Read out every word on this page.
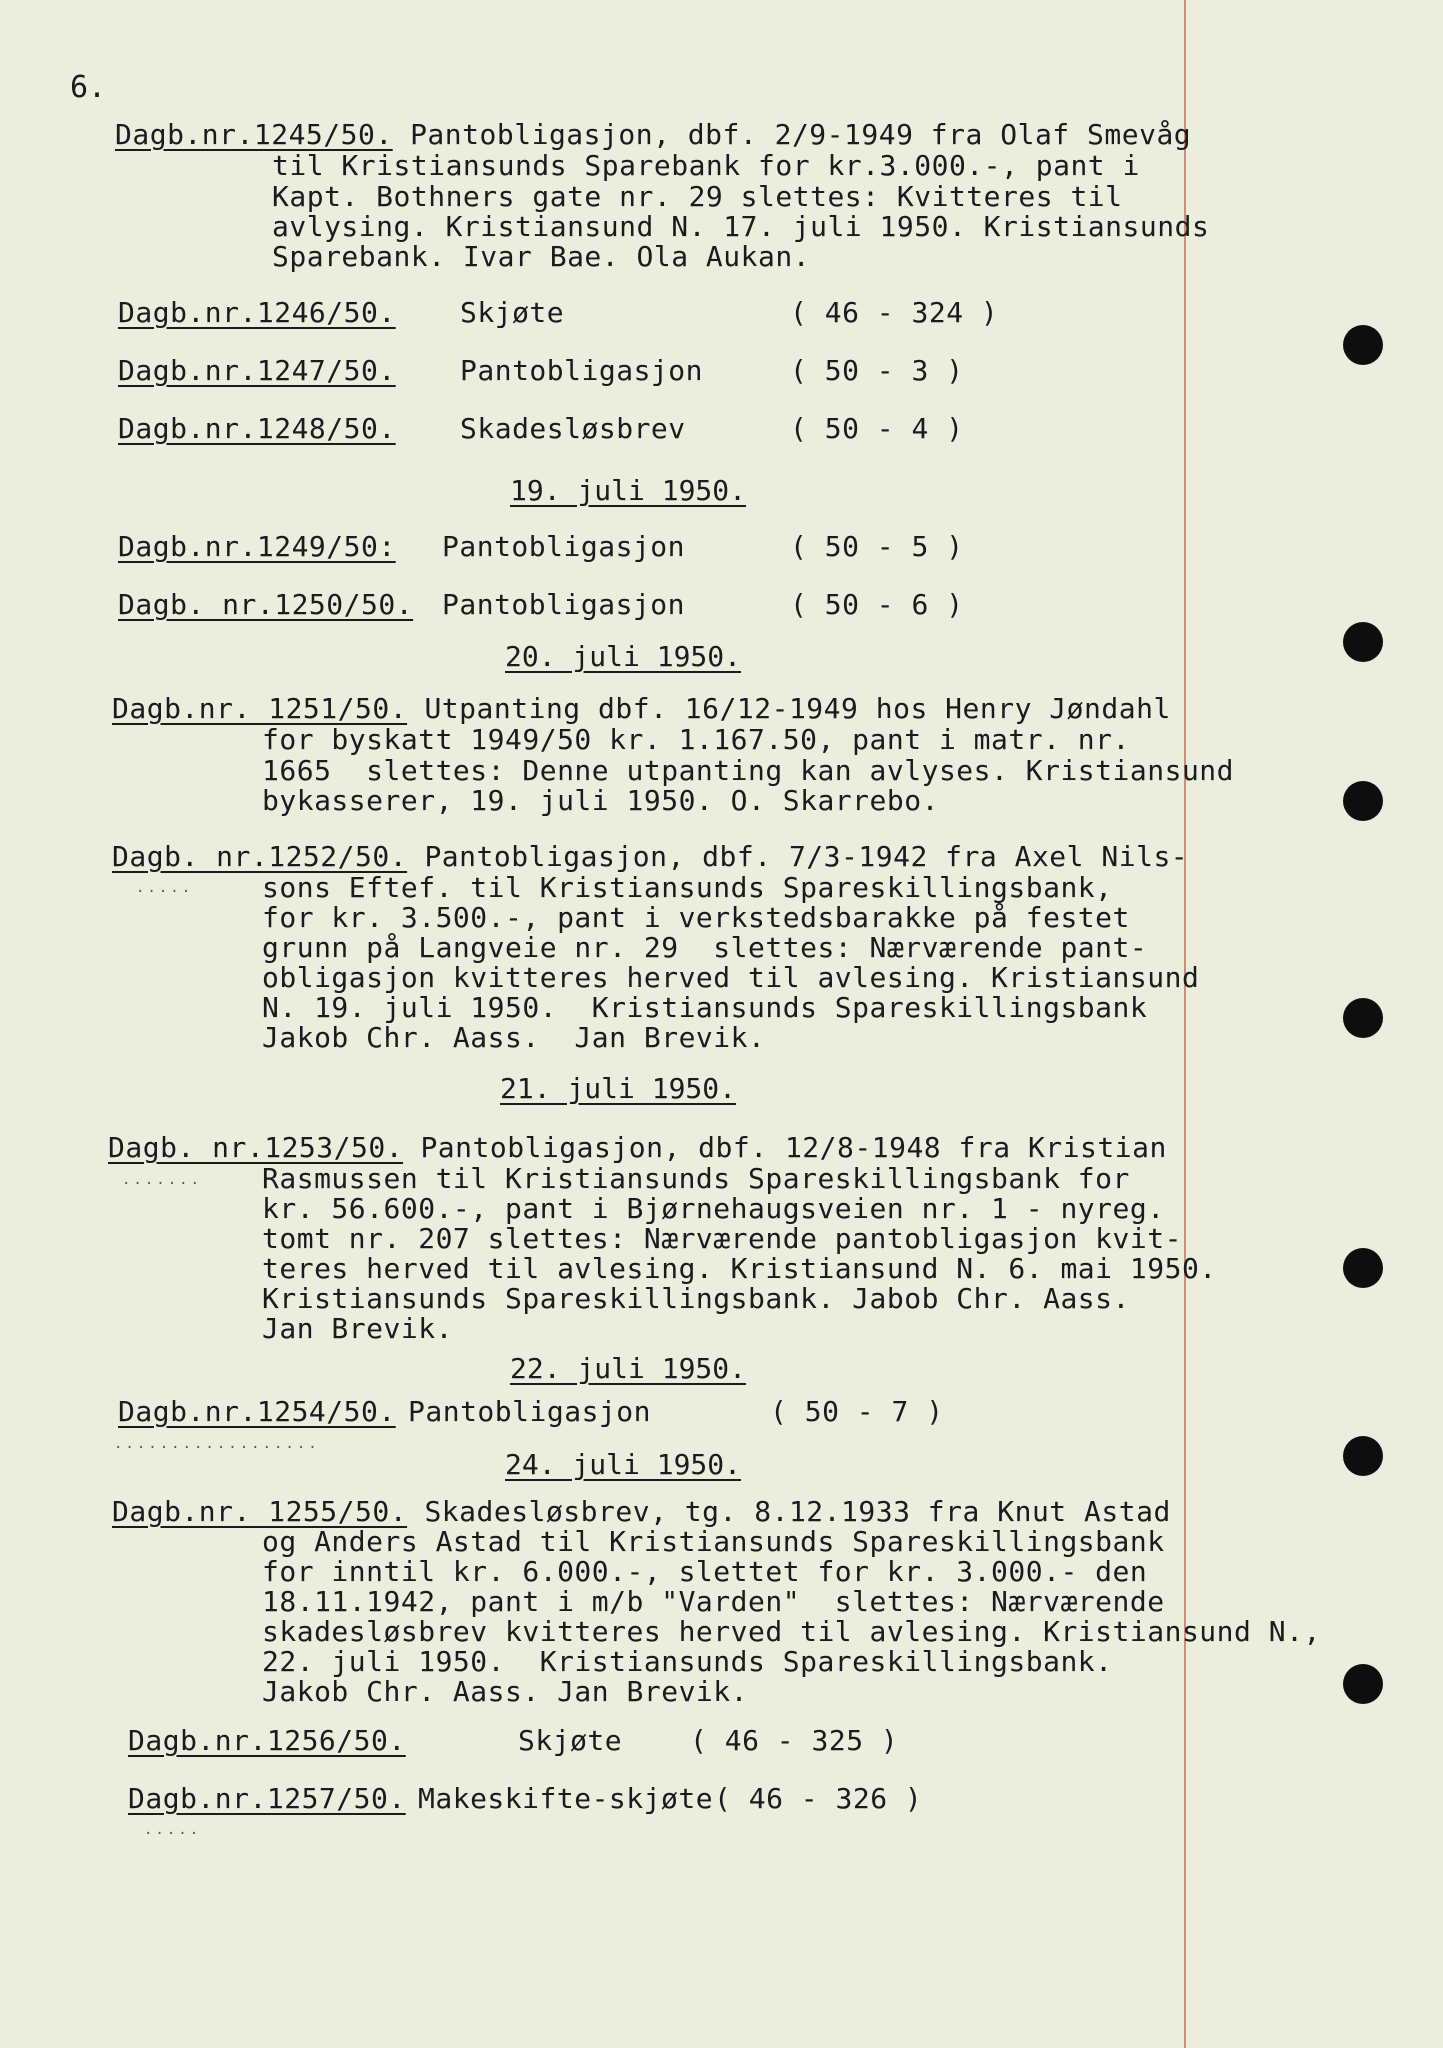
6.
Dagb.nr.1245/50. Pantobligasjon, dbf. 2/9-1949 fra Olaf Smevåg
til Kristiansunds Sparebank for kr.3.000.-, pant i
Kapt. Bothners gate nr. 29 slettes: Kvitteres til
avlysing. Kristiansund N. 17. juli 1950. Kristiansunds
Sparebank. Ivar Bae. Ola Aukan.
Dagb.nr.1246/50. Skjøte	( 46 - 324 )
Dagb.nr.1247/50. Pantobligasjon	( 50 - 3 )
Dagb.nr.1248/50. Skadesløsbrev	( 50 - 4 )
19. juli 1950.
Dagb.nr.1249/50: Pantobligasjon	( 50 - 5 )
Dagb. nr.1250/50. Pantobligasjon	( 50 - 6 )
20. juli 1950.
Dagb.nr. 1251/50. Utpanting dbf. 16/12-1949 hos Henry Jøndahl
for byskatt 1949/50 kr. 1.167.50, pant i matr. nr.
1665  slettes: Denne utpanting kan avlyses. Kristiansund
bykasserer, 19. juli 1950. O. Skarrebo.
Dagb. nr.1252/50. Pantobligasjon, dbf. 7/3-1942 fra Axel Nils-
..... sons Eftef. til Kristiansunds Spareskillingsbank,
for kr. 3.500.-, pant i verkstedsbarakke på festet
grunn på Langveie nr. 29  slettes: Nærværende pant-
obligasjon kvitteres herved til avlesing. Kristiansund
N. 19. juli 1950.  Kristiansunds Spareskillingsbank
Jakob Chr. Aass.  Jan Brevik.
21. juli 1950.
Dagb. nr.1253/50. Pantobligasjon, dbf. 12/8-1948 fra Kristian
....... Rasmussen til Kristiansunds Spareskillingsbank for
kr. 56.600.-, pant i Bjørnehaugsveien nr. 1 - nyreg.
tomt nr. 207 slettes: Nærværende pantobligasjon kvit-
teres herved til avlesing. Kristiansund N. 6. mai 1950.
Kristiansunds Spareskillingsbank. Jabob Chr. Aass.
Jan Brevik.
22. juli 1950.
Dagb.nr.1254/50. Pantobligasjon	( 50 - 7 )
..................
24. juli 1950.
Dagb.nr. 1255/50. Skadesløsbrev, tg. 8.12.1933 fra Knut Astad
og Anders Astad til Kristiansunds Spareskillingsbank
for inntil kr. 6.000.-, slettet for kr. 3.000.- den
18.11.1942, pant i m/b "Varden"  slettes: Nærværende
skadesløsbrev kvitteres herved til avlesing. Kristiansund N.,
22. juli 1950.  Kristiansunds Spareskillingsbank.
Jakob Chr. Aass. Jan Brevik.
Dagb.nr.1256/50.	Skjøte ( 46 - 325 )
Dagb.nr.1257/50. Makeskifte-skjøte ( 46 - 326 )
.....
